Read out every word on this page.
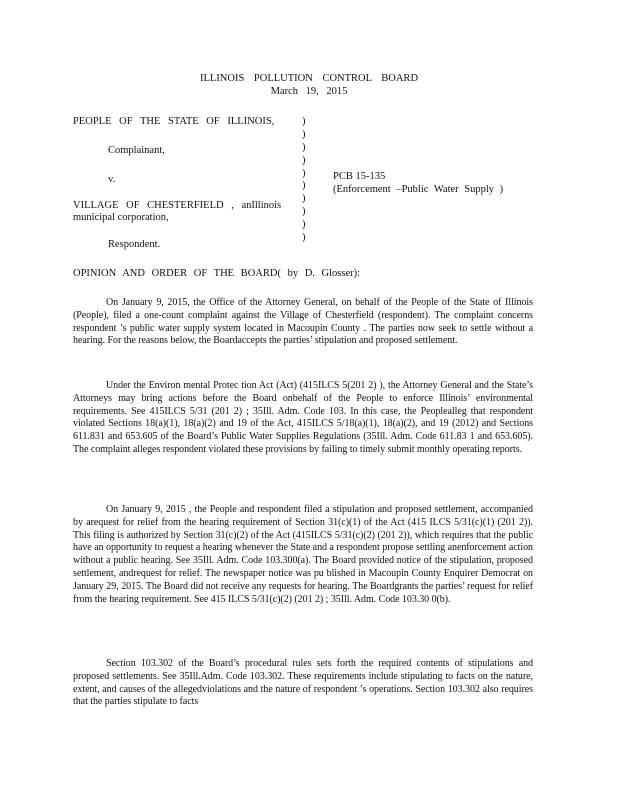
ILLINOIS POLLUTION CONTROL BOARD
March 19, 2015
PEOPLE OF THE STATE OF ILLINOIS,
Complainant,
v.
VILLAGE OF CHESTERFIELD , anIllinois
municipal corporation,
Respondent.
)
)
)
)
)
)
)
)
)
)
PCB 15-135
(Enforcement –Public Water Supply )
OPINION AND ORDER OF THE BOARD( by D. Glosser):

On January 9, 2015, the Office of the Attorney General, on behalf of the People of the State of Illinois (People), filed a one-count complaint against the Village of Chesterfield (respondent). The complaint concerns respondent ’s public water supply system located in Macoupin County . The parties now seek to settle without a hearing. For the reasons below, the Boardaccepts the parties’ stipulation and proposed settlement.

Under the Environ mental Protec tion Act (Act) (415ILCS 5(201 2) ), the Attorney General and the State’s Attorneys may bring actions before the Board onbehalf of the People to enforce Illinois’ environmental requirements. See 415ILCS 5/31 (201 2) ; 35Ill. Adm. Code 103. In this case, the Peoplealleg that respondent violated Sections 18(a)(1), 18(a)(2) and 19 of the Act, 415ILCS 5/18(a)(1), 18(a)(2), and 19 (2012) and Sections 611.831 and 653.605 of the Board’s Public Water Supplies Regulations (35Ill. Adm. Code 611.83 1 and 653.605). The complaint alleges respondent violated these provisions by failing to timely submit monthly operating reports.

On January 9, 2015 , the People and respondent filed a stipulation and proposed settlement, accompanied by arequest for relief from the hearing requirement of Section 31(c)(1) of the Act (415 ILCS 5/31(c)(1) (201 2)). This filing is authorized by Section 31(c)(2) of the Act (415ILCS 5/31(c)(2) (201 2)), which requires that the public have an opportunity to request a hearing whenever the State and a respondent propose settling anenforcement action without a public hearing. See 35Ill. Adm. Code 103.300(a). The Board provided notice of the stipulation, proposed settlement, andrequest for relief. The newspaper notice was pu blished in Macoupin County Enquirer Democrat on January 29, 2015. The Board did not receive any requests for hearing. The Boardgrants the parties’ request for relief from the hearing requirement. See 415 ILCS 5/31(c)(2) (201 2) ; 35Ill. Adm. Code 103.30 0(b).

Section 103.302 of the Board’s procedural rules sets forth the required contents of stipulations and proposed settlements. See 35Ill.Adm. Code 103.302. These requirements include stipulating to facts on the nature, extent, and causes of the allegedviolations and the nature of respondent ’s operations. Section 103.302 also requires that the parties stipulate to facts
